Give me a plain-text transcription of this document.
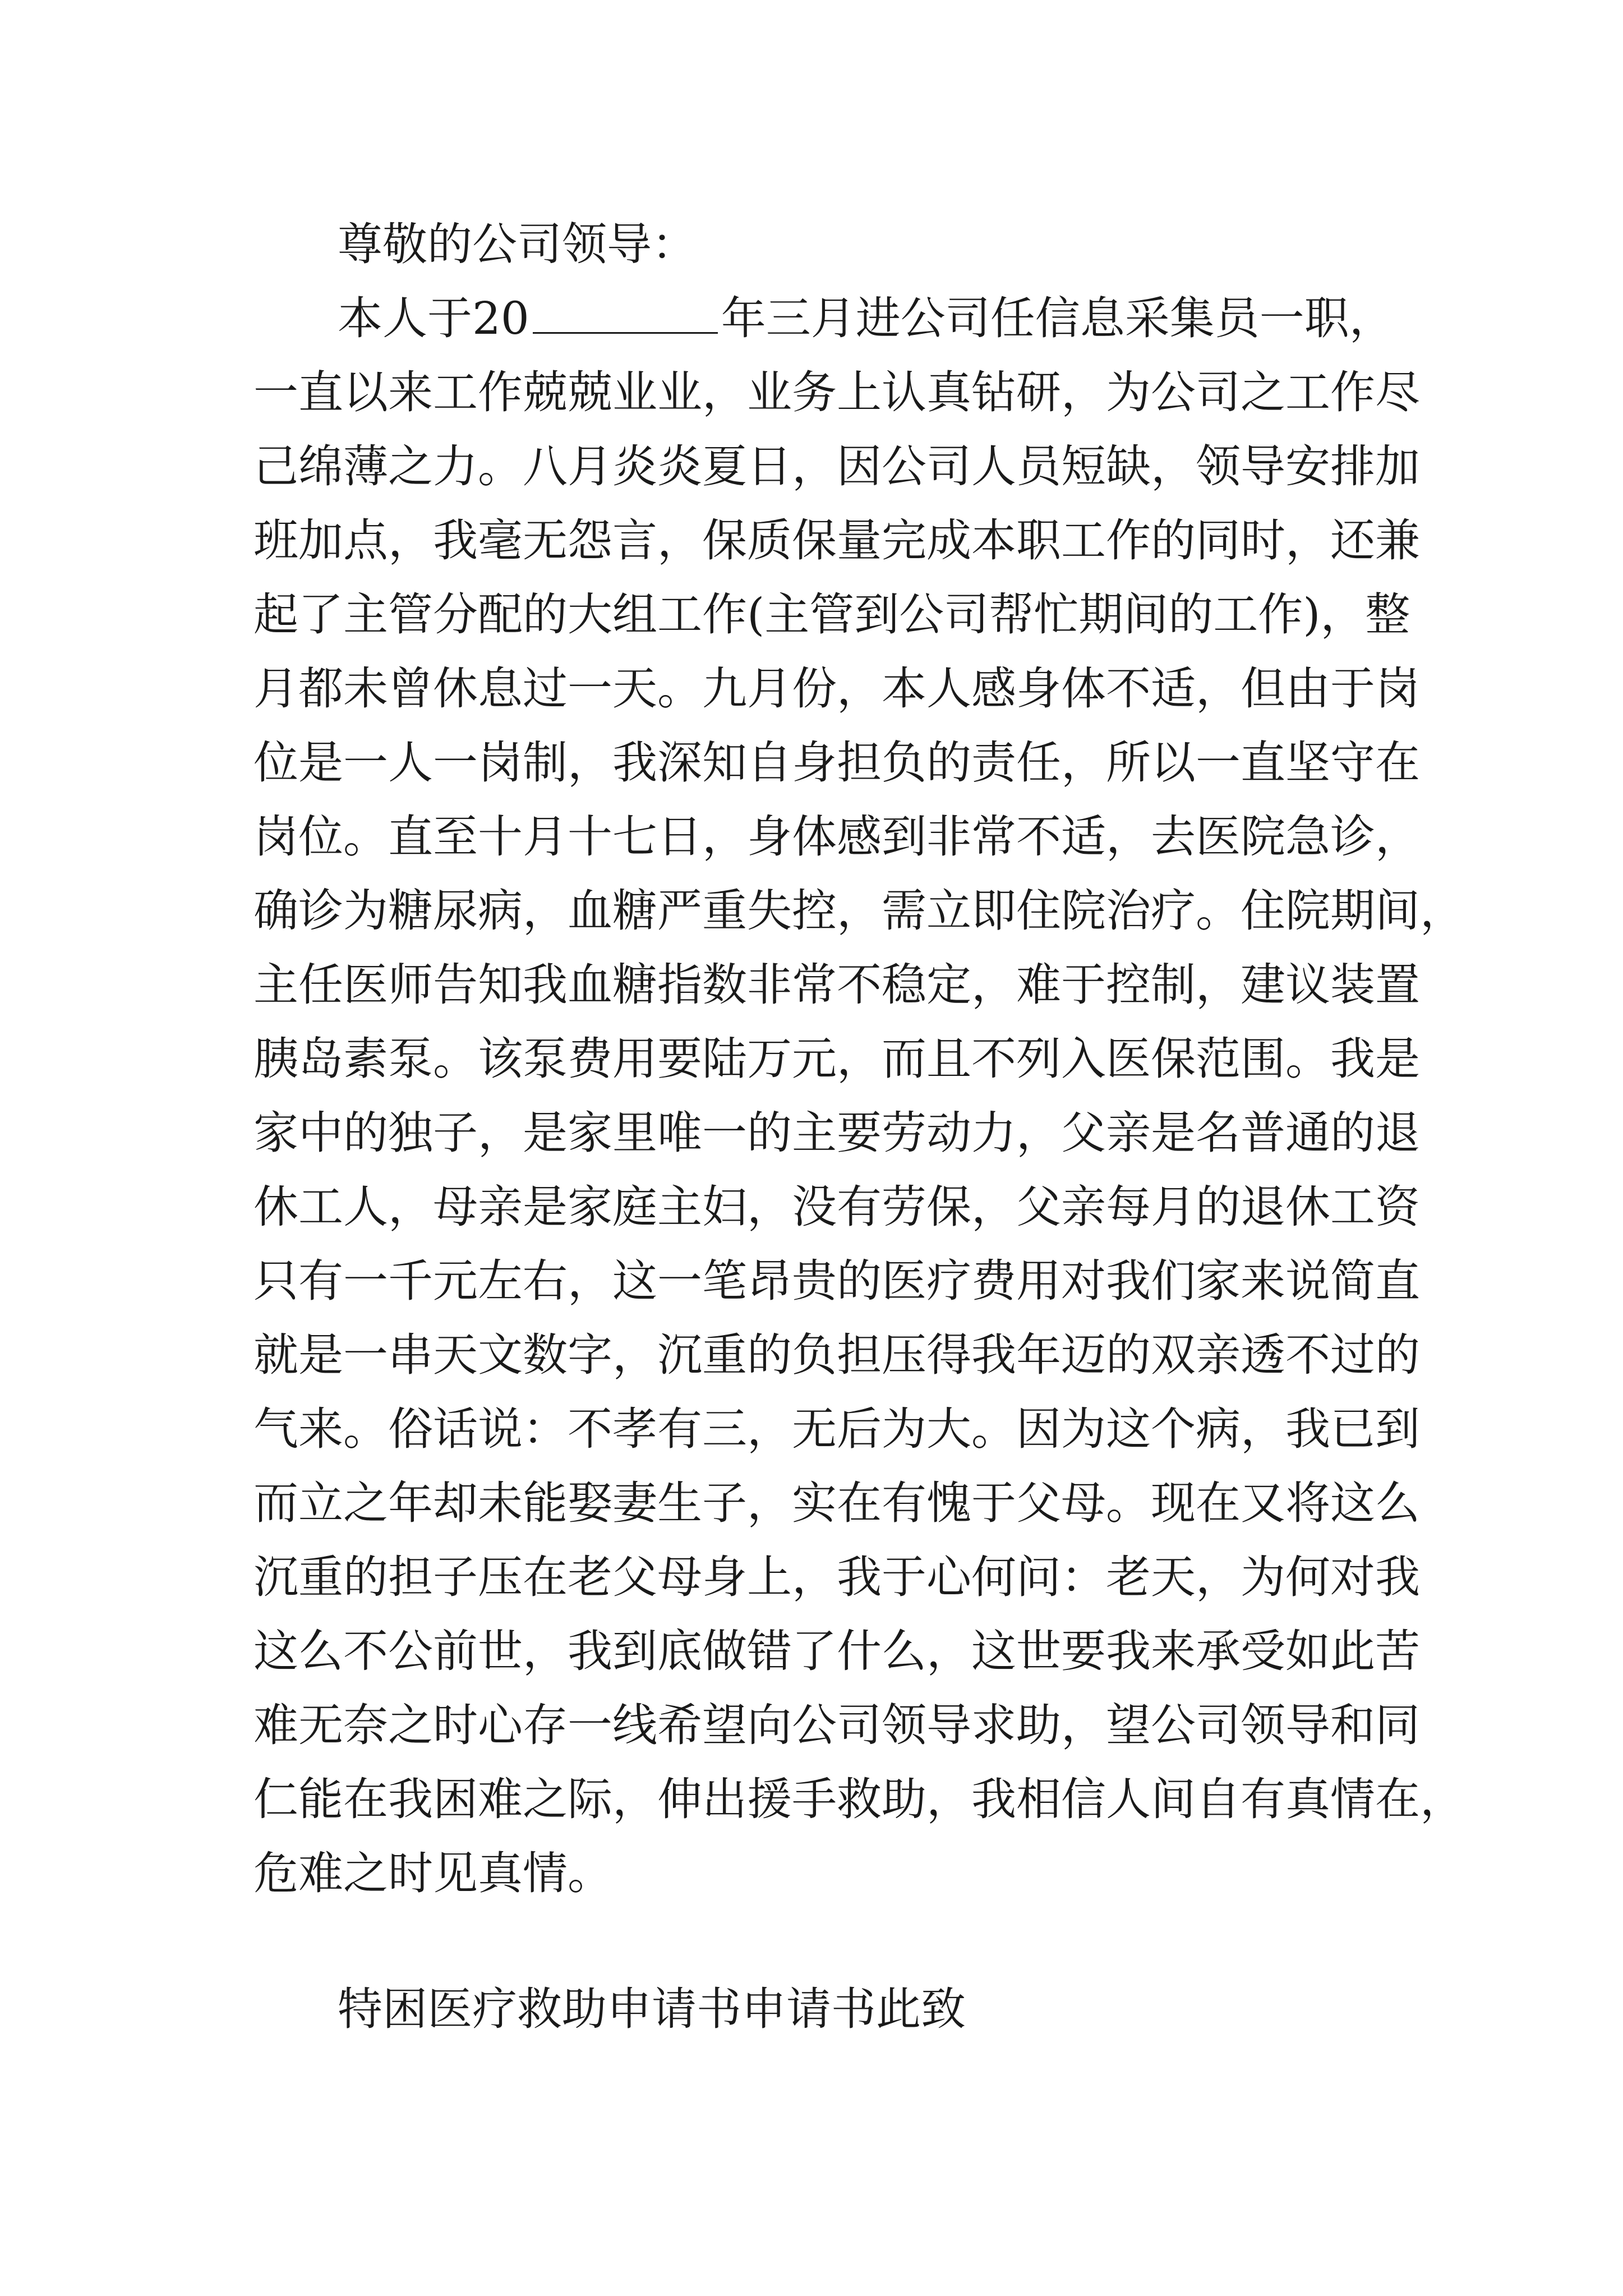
尊敬的公司领导：
本人于20	年三月进公司任信息采集员一职，
一直以来工作兢兢业业，业务上认真钻研，为公司之工作尽
己绵薄之力。八月炎炎夏日，因公司人员短缺，领导安排加
班加点，我毫无怨言，保质保量完成本职工作的同时，还兼
起了主管分配的大组工作(主管到公司帮忙期间的工作)，整
月都未曾休息过一天。九月份，本人感身体不适，但由于岗
位是一人一岗制，我深知自身担负的责任，所以一直坚守在
岗位。直至十月十七日，身体感到非常不适，去医院急诊，
确诊为糖尿病，血糖严重失控，需立即住院治疗。住院期间，
主任医师告知我血糖指数非常不稳定，难于控制，建议装置
胰岛素泵。该泵费用要陆万元，而且不列入医保范围。我是
家中的独子，是家里唯一的主要劳动力，父亲是名普通的退
休工人，母亲是家庭主妇，没有劳保，父亲每月的退休工资
只有一千元左右，这一笔昂贵的医疗费用对我们家来说简直
就是一串天文数字，沉重的负担压得我年迈的双亲透不过的
气来。俗话说：不孝有三，无后为大。因为这个病，我已到
而立之年却未能娶妻生子，实在有愧于父母。现在又将这么
沉重的担子压在老父母身上，我于心何问：老天，为何对我
这么不公前世，我到底做错了什么，这世要我来承受如此苦
难无奈之时心存一线希望向公司领导求助，望公司领导和同
仁能在我困难之际，伸出援手救助，我相信人间自有真情在，
危难之时见真情。
特困医疗救助申请书申请书此致
